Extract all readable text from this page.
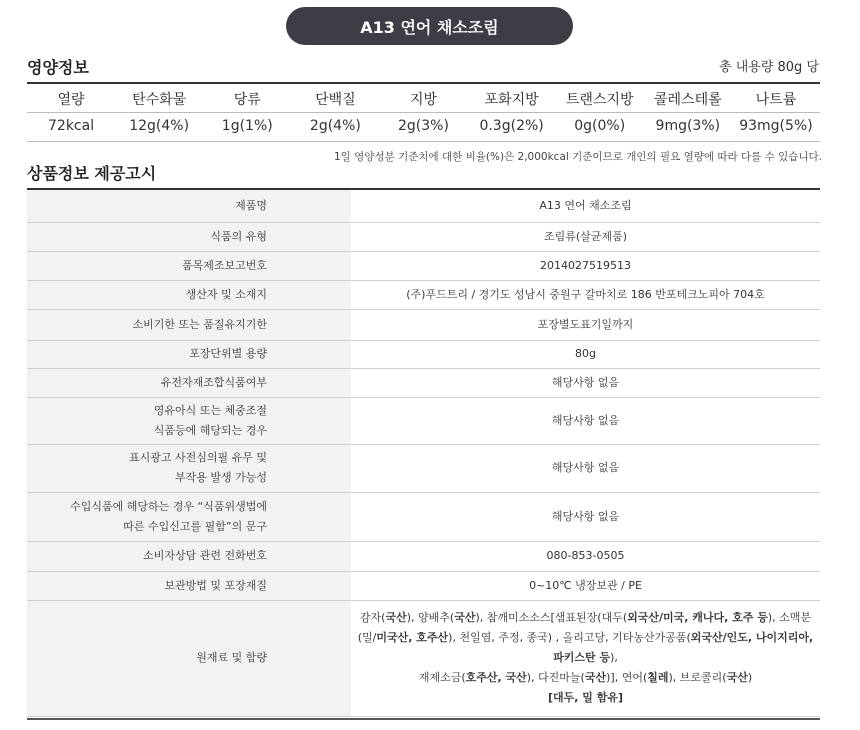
A13 연어 채소조림
영양정보	총 내용량 80g 당
열량	탄수화물	당류	단백질	지방	포화지방	트랜스지방	콜레스테롤	나트륨
72kcal	12g(4%)	1g(1%)	2g(4%)	2g(3%)	0.3g(2%)	0g(0%)	9mg(3%)	93mg(5%)
1일 영양성분 기준치에 대한 비율(%)은 2,000kcal 기준이므로 개인의 필요 열량에 따라 다를 수 있습니다.
상품정보 제공고시
제품명	A13 연어 채소조림

식품의 유형	조림류(살균제품)

품목제조보고번호	2014027519513

생산자 및 소재지	(주)푸드트리 / 경기도 성남시 중원구 갈마치로 186 반포테크노피아 704호

소비기한 또는 품질유지기한	포장별도표기일까지

포장단위별 용량	80g

유전자재조합식품여부	해당사항 없음

영유아식 또는 체중조절
식품등에 해당되는 경우	해당사항 없음

표시광고 사전심의필 유무 및
부작용 발생 가능성	해당사항 없음

수입식품에 해당하는 경우 “식품위생법에
따른 수입신고를 필함”의 문구	해당사항 없음

소비자상담 관련 전화번호	080-853-0505

보관방법 및 포장재질	0~10℃ 냉장보관 / PE
원재료 및 함량	감자(국산), 양배추(국산), 참깨미소소스[샘표된장(대두(외국산/미국, 캐나다, 호주 등), 소맥분
(밀/미국산, 호주산), 천일염, 주정, 종국) , 올리고당, 기타농산가공품(외국산/인도, 나이지리아, 파키스탄 등),
재제소금(호주산, 국산), 다진마늘(국산)], 연어(칠레), 브로콜리(국산)
[대두, 밀 함유]
